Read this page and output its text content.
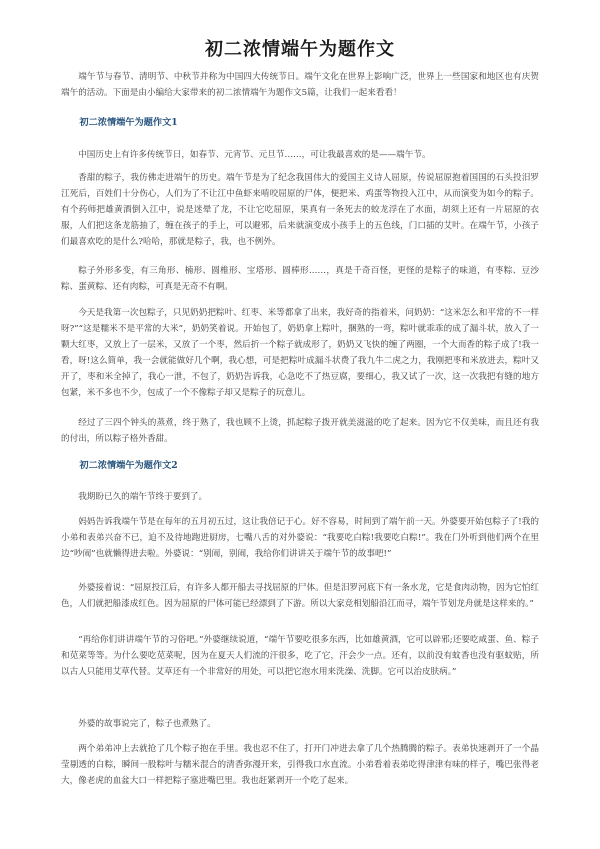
初二浓情端午为题作文

端午节与春节、清明节、中秋节并称为中国四大传统节日。端午文化在世界上影响广泛，世界上一些国家和地区也有庆贺端午的活动。下面是由小编给大家带来的初二浓情端午为题作文5篇，让我们一起来看看！

初二浓情端午为题作文1

中国历史上有许多传统节日，如春节、元宵节、元旦节……，可让我最喜欢的是——端午节。

香甜的粽子，我仿佛走进端午的历史。端午节是为了纪念我国伟大的爱国主义诗人屈原，传说屈原抱着国国的石头投汨罗江死后，百姓们十分伤心，人们为了不让江中鱼虾来啃咬屈原的尸体，便把米、鸡蛋等物投入江中，从而演变为如今的粽子。有个药师把雄黄酒倒入江中，说是迷晕了龙，不让它吃屈原，果真有一条死去的蛟龙浮在了水面，胡须上还有一片屈原的衣服，人们把这条龙筋抽了，缠在孩子的手上，可以避邪，后来就演变成小孩手上的五色线，门口插的艾叶。在端午节，小孩子们最喜欢吃的是什么?哈哈，那就是粽子，我，也不例外。

粽子外形多变，有三角形、楠形、圆椎形、宝塔形、圆棒形……，真是千奇百怪，更怪的是粽子的味道，有枣粽、豆沙粽、蛋黄粽、还有肉粽，可真是无奇不有啊。

今天是我第一次包粽子，只见奶奶把粽叶、红枣、米等都拿了出来，我好奇的指着米，问奶奶：“这米怎么和平常的不一样呀?”“这是糯米不是平常的大米”，奶奶笑着说。开始包了，奶奶拿上粽叶，捆熟的一弯，粽叶就乖乖的成了漏斗状，放入了一颗大红枣，又放上了一层米，又放了一个枣，然后折一个粽子就成形了，奶奶又飞快的缠了两圈，一个大而香的粽子成了!我一看，呀!这么简单，我一会就能做好几个啊，我心想，可是把粽叶成漏斗状费了我九牛二虎之力，我刚把枣和米放进去，粽叶又开了，枣和米全掉了，我心一泄，不包了，奶奶告诉我，心急吃不了热豆腐，要细心，我又试了一次，这一次我把有缝的地方包紧，米不多也不少，包成了一个不像粽子却又是粽子的玩意儿。

经过了三四个钟头的蒸煮，终于熟了，我也顾不上烫，抓起粽子拨开就美滋滋的吃了起来。因为它不仅美味，而且还有我的付出，所以粽子格外香甜。

初二浓情端午为题作文2

我期盼已久的端午节终于要到了。

妈妈告诉我端午节是在每年的五月初五过，这让我倍记于心。好不容易，时间到了端午前一天。外婆要开始包粽子了!我的小弟和表弟兴奋不已，迫不及待地跑进厨房，七嘴八舌的对外婆说：“我要吃白粽!我要吃白粽!”。我在门外听到他们两个在里边“吵闹”也就懒得进去啦。外婆说：“别闹，别闹，我给你们讲讲关于端午节的故事吧!”

外婆接着说：“屈原投江后，有许多人都开船去寻找屈原的尸体。但是汨罗河底下有一条水龙，它是食肉动物，因为它怕红色，人们就把船漆成红色。因为屈原的尸体可能已经漂到了下游。所以大家竞相划船沿江而寻，端午节划龙舟就是这样来的。”

“再给你们讲讲端午节的习俗吧。”外婆继续说道，“端午节要吃很多东西，比如雄黄酒，它可以辟邪;还要吃咸蛋、鱼、粽子和苋菜等等。为什么要吃苋菜呢，因为在夏天人们流的汗很多，吃了它，汗会少一点。还有，以前没有蚊香也没有驱蚊贴，所以古人只能用艾草代替。艾草还有一个非常好的用处，可以把它泡水用来洗澡、洗脚。它可以治皮肤病。”

外婆的故事说完了，粽子也煮熟了。

两个弟弟冲上去就抢了几个粽子抱在手里。我也忍不住了，打开门冲进去拿了几个热腾腾的粽子。表弟快速剥开了一个晶莹剔透的白粽，瞬间一股粽叶与糯米混合的清香弥漫开来，引得我口水直流。小弟看着表弟吃得津津有味的样子，嘴巴张得老大，像老虎的血盆大口一样把粽子塞进嘴巴里。我也赶紧剥开一个吃了起来。
